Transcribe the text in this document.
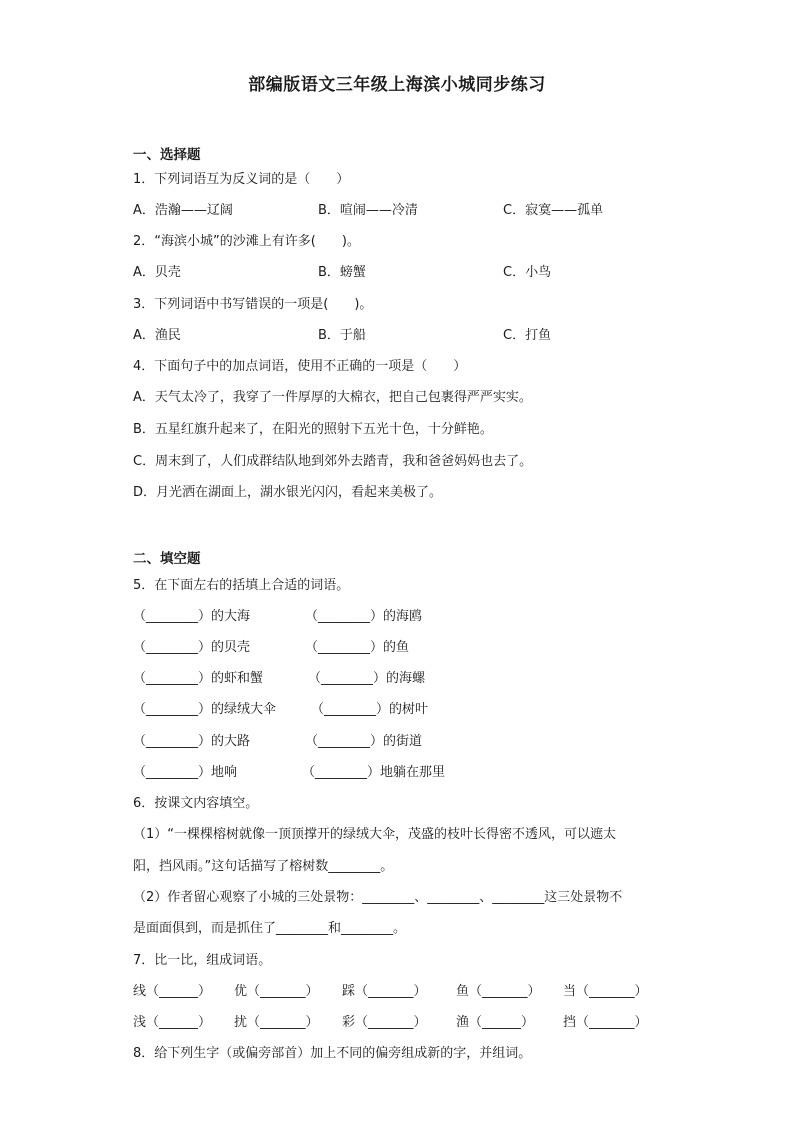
部编版语文三年级上海滨小城同步练习
一、选择题
1．下列词语互为反义词的是（　　）
A．浩瀚——辽阔	B．喧闹——冷清	C．寂寞——孤单
2．“海滨小城”的沙滩上有许多(　　)。
A．贝壳	B．螃蟹	C．小鸟
3．下列词语中书写错误的一项是(　　)。
A．渔民	B．于船	C．打鱼
4．下面句子中的加点词语，使用不正确的一项是（　　）
A．天气太冷了，我穿了一件厚厚的大棉衣，把自己包裹得严严实实。
B．五星红旗升起来了，在阳光的照射下五光十色，十分鲜艳。
C．周末到了，人们成群结队地到郊外去踏青，我和爸爸妈妈也去了。
D．月光洒在湖面上，湖水银光闪闪，看起来美极了。
二、填空题
5．在下面左右的括填上合适的词语。
（________）的大海	（________）的海鸥
（________）的贝壳	（________）的鱼
（________）的虾和蟹	（________）的海螺
（________）的绿绒大伞	（________）的树叶
（________）的大路	（________）的街道
（________）地响	（________）地躺在那里
6．按课文内容填空。
（1）“一棵棵榕树就像一顶顶撑开的绿绒大伞，茂盛的枝叶长得密不透风，可以遮太
阳，挡风雨。”这句话描写了榕树数________。
（2）作者留心观察了小城的三处景物：________、________、________这三处景物不
是面面俱到，而是抓住了________和________。
7．比一比，组成词语。
线（______） 优（_______） 踩（_______） 鱼（_______） 当（_______）
浅（______） 扰（_______） 彩（_______） 渔（______） 挡（_______）
8．给下列生字（或偏旁部首）加上不同的偏旁组成新的字，并组词。
